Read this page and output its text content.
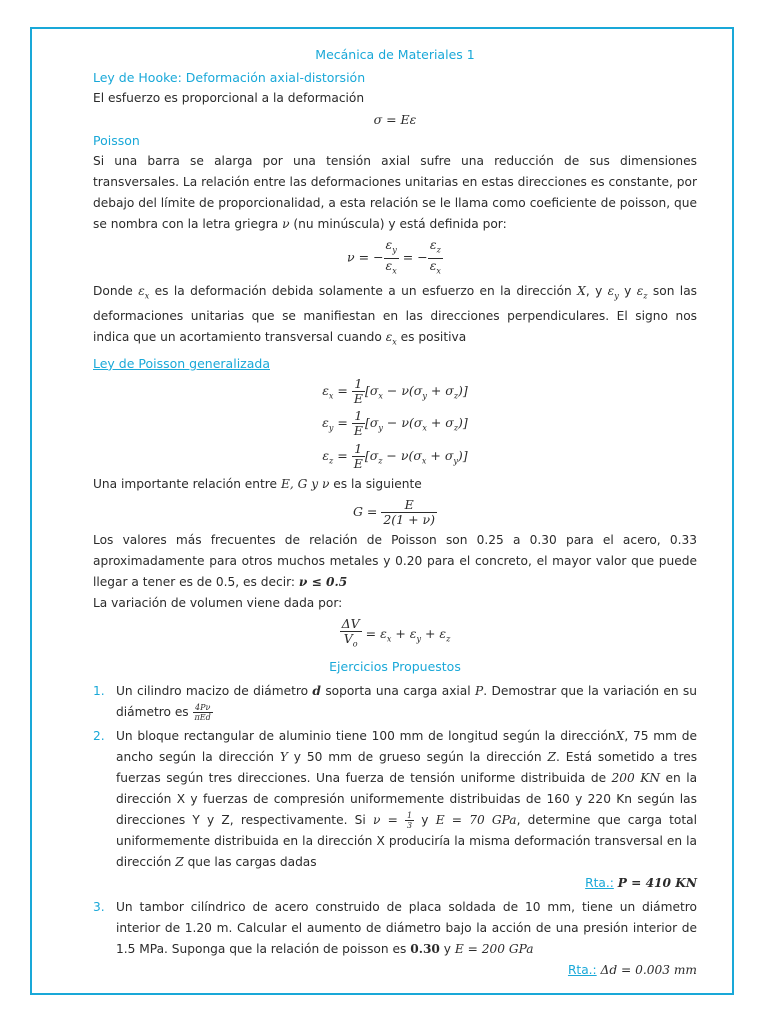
Mecánica de Materiales 1
Ley de Hooke: Deformación axial-distorsión
El esfuerzo es proporcional a la deformación
σ = Eε
Poisson
Si una barra se alarga por una tensión axial sufre una reducción de sus dimensiones transversales. La relación entre las deformaciones unitarias en estas direcciones es constante, por debajo del límite de proporcionalidad, a esta relación se le llama como coeficiente de poisson, que se nombra con la letra griegra ν (nu minúscula) y está definida por:
ν = − $\frac{\varepsilon_y}{\varepsilon_x}$ = − $\frac{\varepsilon_z}{\varepsilon_x}$
Donde $\varepsilon_x$ es la deformación debida solamente a un esfuerzo en la dirección X, y $\varepsilon_y$ y $\varepsilon_z$ son las deformaciones unitarias que se manifiestan en las direcciones perpendiculares. El signo nos indica que un acortamiento transversal cuando $\varepsilon_x$ es positiva
Ley de Poisson generalizada
$\varepsilon_x = \frac{1}{E} [\sigma_x - \nu(\sigma_y + \sigma_z)]$
$\varepsilon_y = \frac{1}{E} [\sigma_y - \nu(\sigma_x + \sigma_z)]$
$\varepsilon_z = \frac{1}{E} [\sigma_z - \nu(\sigma_x + \sigma_y)]$
Una importante relación entre E, G y ν es la siguiente
$G = \frac{E}{2(1 + \nu)}$
Los valores más frecuentes de relación de Poisson son 0.25 a 0.30 para el acero, 0.33 aproximadamente para otros muchos metales y 0.20 para el concreto, el mayor valor que puede llegar a tener es de 0.5, es decir: ν ≤ 0.5
La variación de volumen viene dada por:
$\frac{\Delta V}{V_o} = \varepsilon_x + \varepsilon_y + \varepsilon_z$
Ejercicios Propuestos
1. Un cilindro macizo de diámetro d soporta una carga axial P. Demostrar que la variación en su diámetro es $\frac{4P\nu}{\text{πEd}}$
2. Un bloque rectangular de aluminio tiene 100 mm de longitud según la direcciónX, 75 mm de ancho según la dirección Y y 50 mm de grueso según la dirección Z. Está sometido a tres fuerzas según tres direcciones. Una fuerza de tensión uniforme distribuida de 200 KN en la dirección X y fuerzas de compresión uniformemente distribuidas de 160 y 220 Kn según las direcciones Y y Z, respectivamente. Si $\nu = \frac{1}{3}$ y E = 70 GPa, determine que carga total uniformemente distribuida en la dirección X produciría la misma deformación transversal en la dirección Z que las cargas dadas
Rta.: P = 410 KN
3. Un tambor cilíndrico de acero construido de placa soldada de 10 mm, tiene un diámetro interior de 1.20 m. Calcular el aumento de diámetro bajo la acción de una presión interior de 1.5 MPa. Suponga que la relación de poisson es 0.30 y E = 200 GPa
Rta.: Δd = 0.003 mm
